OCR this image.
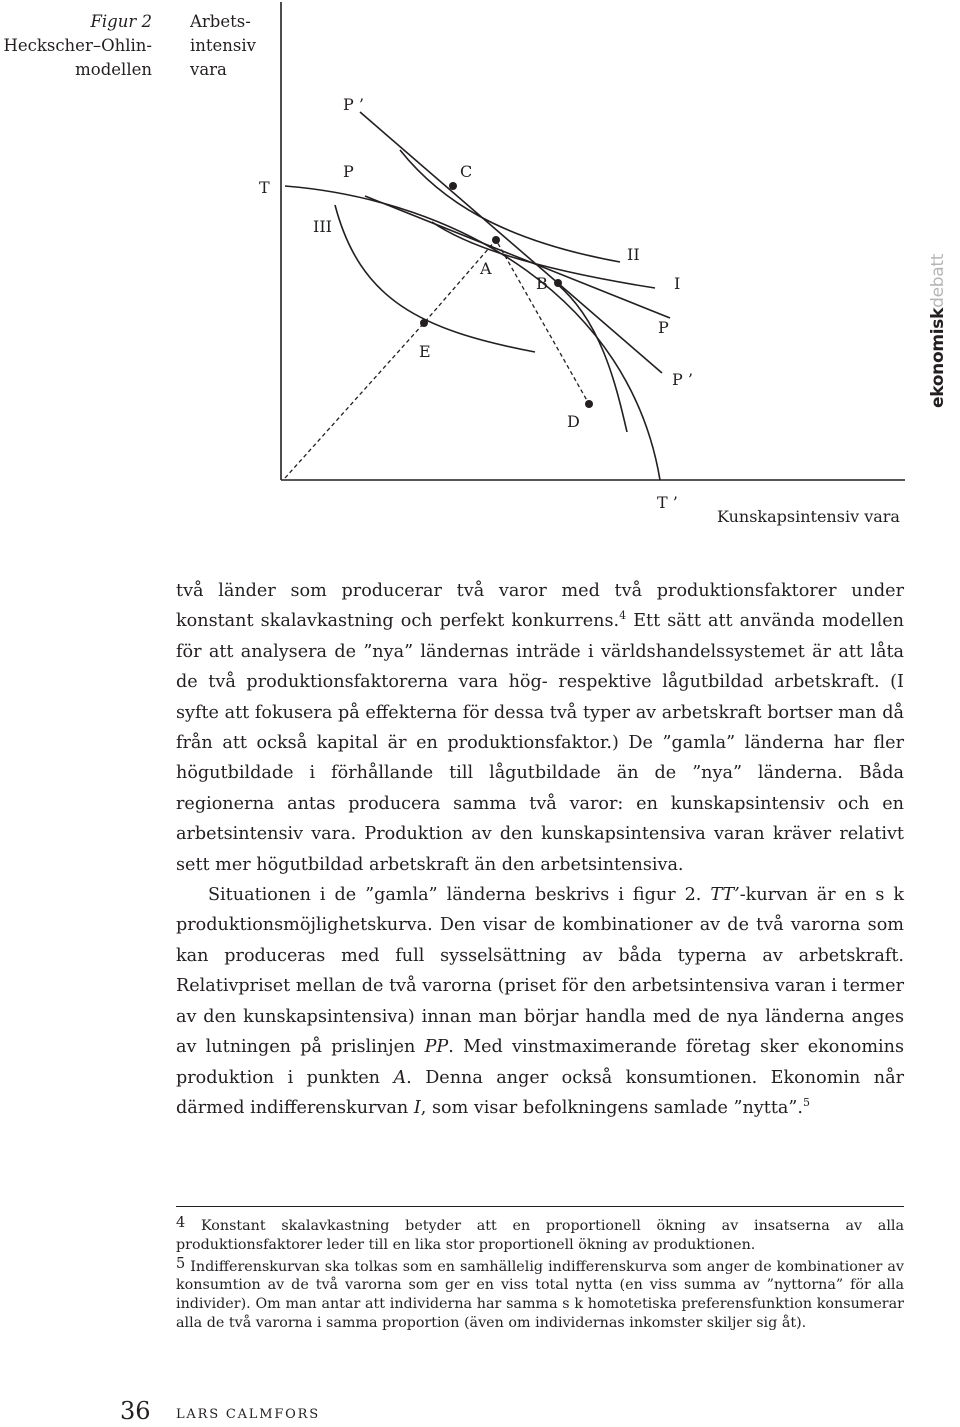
Figur 2
Heckscher–Ohlin-
modellen
Arbets-
intensiv
vara
P ’
T
P	C
III
II
A
B	I
P
E
P ’
D
T ’
Kunskapsintensiv vara
ekonomiskdebatt

två länder som producerar två varor med två produktionsfaktorer under konstant skalavkastning och perfekt konkurrens.$^4$ Ett sätt att använda modellen för att analysera de ”nya” ländernas inträde i världshandelssystemet är att låta de två produktionsfaktorerna vara hög- respektive lågutbildad arbetskraft. (I syfte att fokusera på effekterna för dessa två typer av arbetskraft bortser man då från att också kapital är en produktionsfaktor.) De ”gamla” länderna har fler högutbildade i förhållande till lågutbildade än de ”nya” länderna. Båda regionerna antas producera samma två varor: en kunskapsintensiv och en arbetsintensiv vara. Produktion av den kunskapsintensiva varan kräver relativt sett mer högutbildad arbetskraft än den arbetsintensiva.

Situationen i de ”gamla” länderna beskrivs i figur 2. TT’-kurvan är en s k produktionsmöjlighetskurva. Den visar de kombinationer av de två varorna som kan produceras med full sysselsättning av båda typerna av arbetskraft. Relativpriset mellan de två varorna (priset för den arbetsintensiva varan i termer av den kunskapsintensiva) innan man börjar handla med de nya länderna anges av lutningen på prislinjen PP. Med vinstmaximerande företag sker ekonomins produktion i punkten A. Denna anger också konsumtionen. Ekonomin når därmed indifferenskurvan I, som visar befolkningens samlade ”nytta”.$^5$

4 Konstant skalavkastning betyder att en proportionell ökning av insatserna av alla produktionsfaktorer leder till en lika stor proportionell ökning av produktionen.

5 Indifferenskurvan ska tolkas som en samhällelig indifferenskurva som anger de kombinationer av konsumtion av de två varorna som ger en viss total nytta (en viss summa av ”nyttorna” för alla individer). Om man antar att individerna har samma s k homotetiska preferensfunktion konsumerar alla de två varorna i samma proportion (även om individernas inkomster skiljer sig åt).

36 LARS CALMFORS
